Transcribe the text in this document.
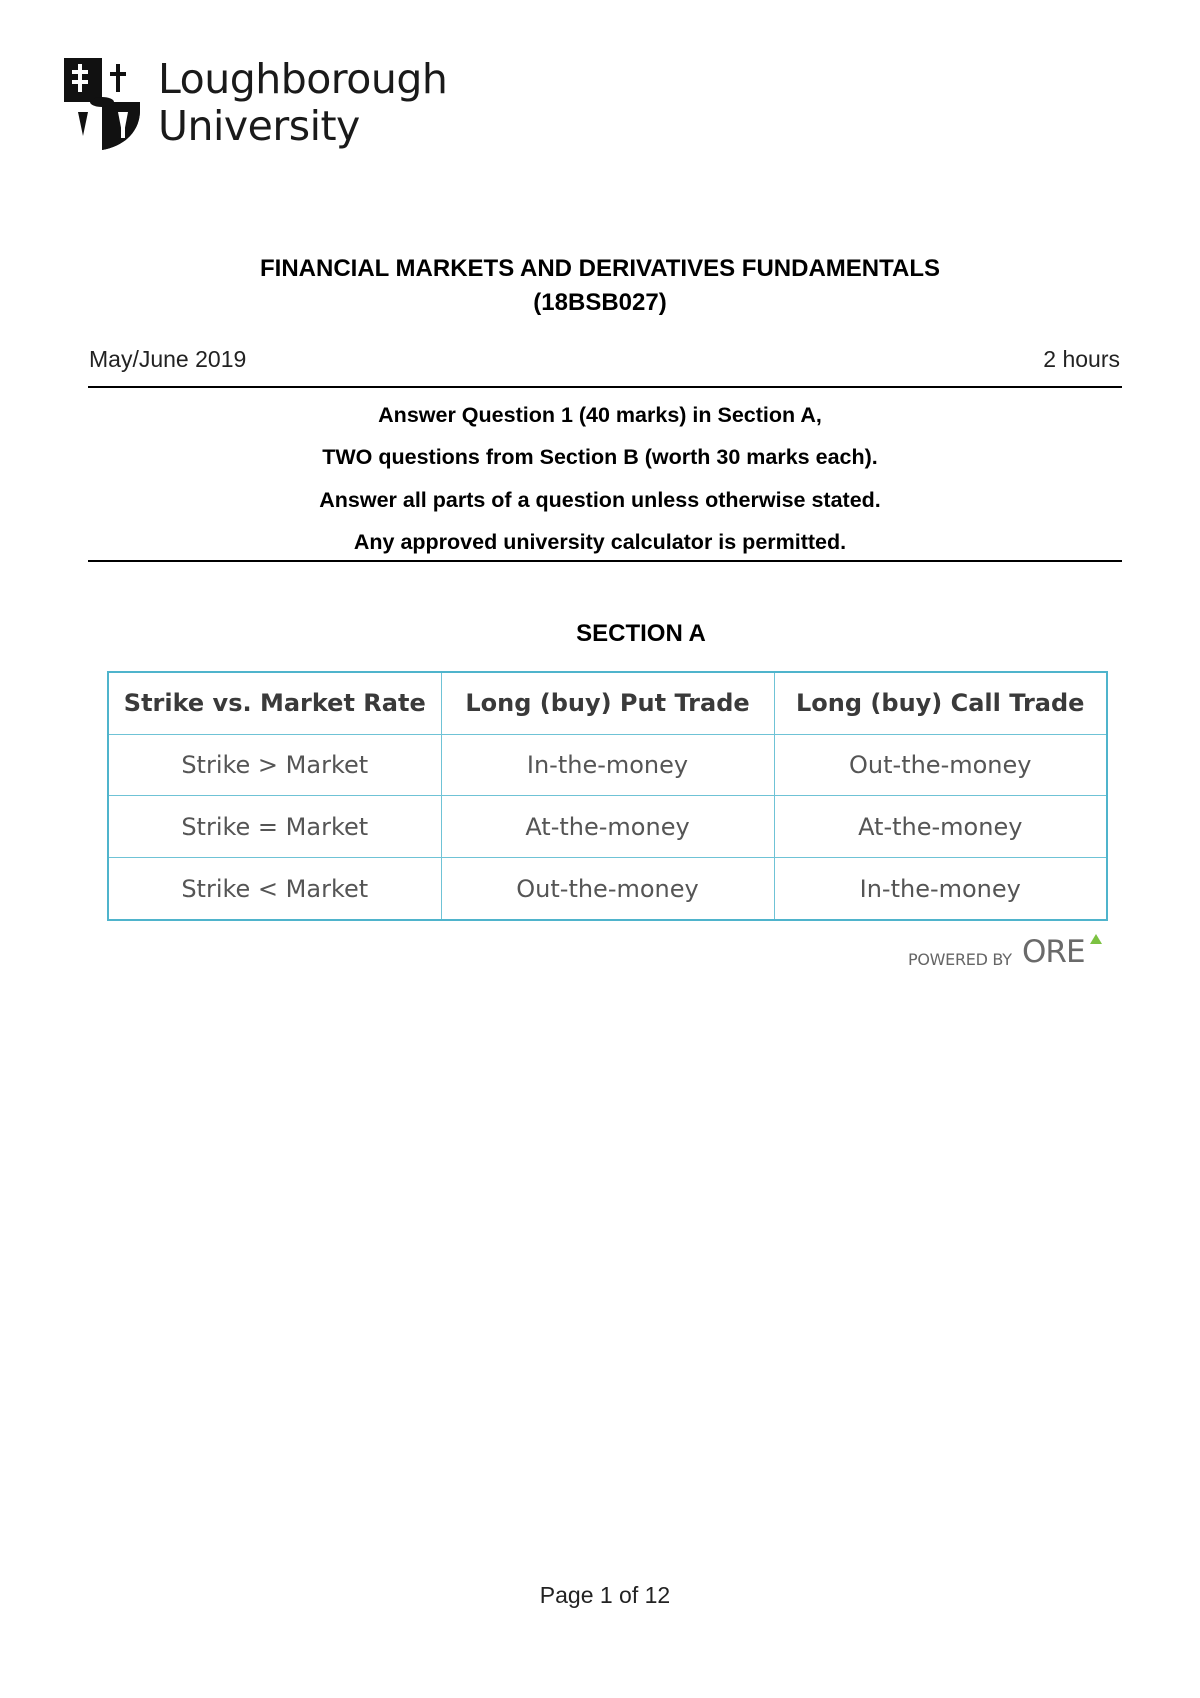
Loughborough
University
FINANCIAL MARKETS AND DERIVATIVES FUNDAMENTALS
(18BSB027)
May/June 2019	2 hours
Answer Question 1 (40 marks) in Section A,
TWO questions from Section B (worth 30 marks each).
Answer all parts of a question unless otherwise stated.
Any approved university calculator is permitted.
SECTION A
Strike vs. Market Rate	Long (buy) Put Trade	Long (buy) Call Trade
Strike > Market	In-the-money	Out-the-money
Strike = Market	At-the-money	At-the-money
Strike < Market	Out-the-money	In-the-money
POWERED BY ORE
Page 1 of 12
